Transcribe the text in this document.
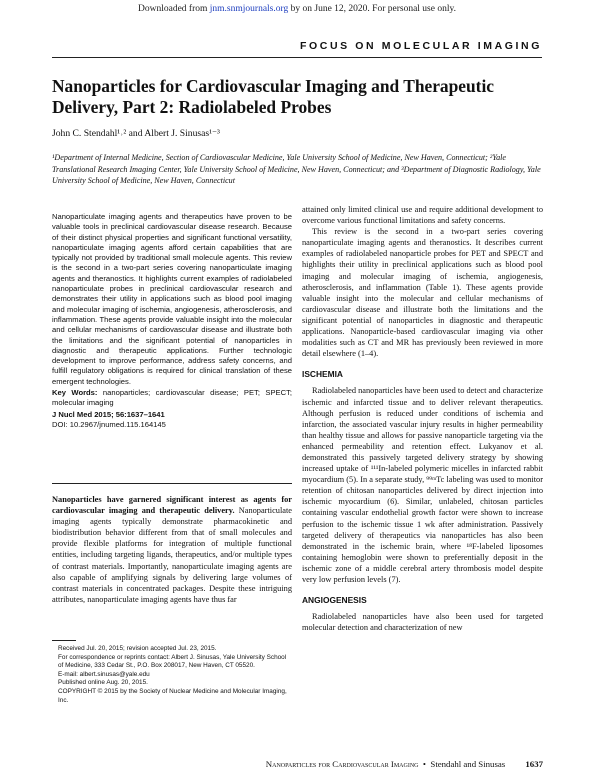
Downloaded from jnm.snmjournals.org by on June 12, 2020. For personal use only.
FOCUS ON MOLECULAR IMAGING
Nanoparticles for Cardiovascular Imaging and Therapeutic Delivery, Part 2: Radiolabeled Probes
John C. Stendahl¹˒² and Albert J. Sinusas¹⁻³
¹Department of Internal Medicine, Section of Cardiovascular Medicine, Yale University School of Medicine, New Haven, Connecticut; ²Yale Translational Research Imaging Center, Yale University School of Medicine, New Haven, Connecticut; and ³Department of Diagnostic Radiology, Yale University School of Medicine, New Haven, Connecticut

Nanoparticulate imaging agents and therapeutics have proven to be valuable tools in preclinical cardiovascular disease research. Because of their distinct physical properties and significant functional versatility, nanoparticulate imaging agents afford certain capabilities that are typically not provided by traditional small molecule agents. This review is the second in a two-part series covering nanoparticulate imaging agents and theranostics. It highlights current examples of radiolabeled nanoparticulate probes in preclinical cardiovascular research and demonstrates their utility in applications such as blood pool imaging and molecular imaging of ischemia, angiogenesis, atherosclerosis, and inflammation. These agents provide valuable insight into the molecular and cellular mechanisms of cardiovascular disease and illustrate both the limitations and the significant potential of nanoparticles in diagnostic and therapeutic applications. Further technologic development to improve performance, address safety concerns, and fulfill regulatory obligations is required for clinical translation of these emergent technologies.

Key Words: nanoparticles; cardiovascular disease; PET; SPECT; molecular imaging

J Nucl Med 2015; 56:1637–1641

DOI: 10.2967/jnumed.115.164145

Nanoparticles have garnered significant interest as agents for cardiovascular imaging and therapeutic delivery. Nanoparticulate imaging agents typically demonstrate pharmacokinetic and biodistribution behavior different from that of small molecules and provide flexible platforms for integration of multiple functional entities, including targeting ligands, therapeutics, and/or multiple types of contrast materials. Importantly, nanoparticulate imaging agents are also capable of amplifying signals by delivering large volumes of contrast materials in concentrated packages. Despite these intriguing attributes, nanoparticulate imaging agents have thus far

Received Jul. 20, 2015; revision accepted Jul. 23, 2015.

For correspondence or reprints contact: Albert J. Sinusas, Yale University School of Medicine, 333 Cedar St., P.O. Box 208017, New Haven, CT 05520.

E-mail: albert.sinusas@yale.edu

Published online Aug. 20, 2015.

COPYRIGHT © 2015 by the Society of Nuclear Medicine and Molecular Imaging, Inc.

attained only limited clinical use and require additional development to overcome various functional limitations and safety concerns.

This review is the second in a two-part series covering nanoparticulate imaging agents and theranostics. It describes current examples of radiolabeled nanoparticle probes for PET and SPECT and highlights their utility in preclinical applications such as blood pool imaging and molecular imaging of ischemia, angiogenesis, atherosclerosis, and inflammation (Table 1). These agents provide valuable insight into the molecular and cellular mechanisms of cardiovascular disease and illustrate both the limitations and the significant potential of nanoparticles in diagnostic and therapeutic applications. Nanoparticle-based cardiovascular imaging via other modalities such as CT and MR has previously been reviewed in more detail elsewhere (1–4).

ISCHEMIA

Radiolabeled nanoparticles have been used to detect and characterize ischemic and infarcted tissue and to deliver relevant therapeutics. Although perfusion is reduced under conditions of ischemia and infarction, the associated vascular injury results in higher permeability than healthy tissue and allows for passive nanoparticle targeting via the enhanced permeability and retention effect. Lukyanov et al. demonstrated this passively targeted delivery strategy by showing increased uptake of ¹¹¹In-labeled polymeric micelles in infarcted rabbit myocardium (5). In a separate study, ⁹⁹ᵐTc labeling was used to monitor retention of chitosan nanoparticles delivered by direct injection into ischemic myocardium (6). Similar, unlabeled, chitosan particles containing vascular endothelial growth factor were shown to increase perfusion to the ischemic tissue 1 wk after administration. Passively targeted delivery of therapeutics via nanoparticles has also been demonstrated in the ischemic brain, where ¹⁸F-labeled liposomes containing hemoglobin were shown to preferentially deposit in the ischemic zone of a middle cerebral artery thrombosis model despite very low perfusion levels (7).

ANGIOGENESIS

Radiolabeled nanoparticles have also been used for targeted molecular detection and characterization of new

Nanoparticles for Cardiovascular Imaging • Stendahl and Sinusas 1637
